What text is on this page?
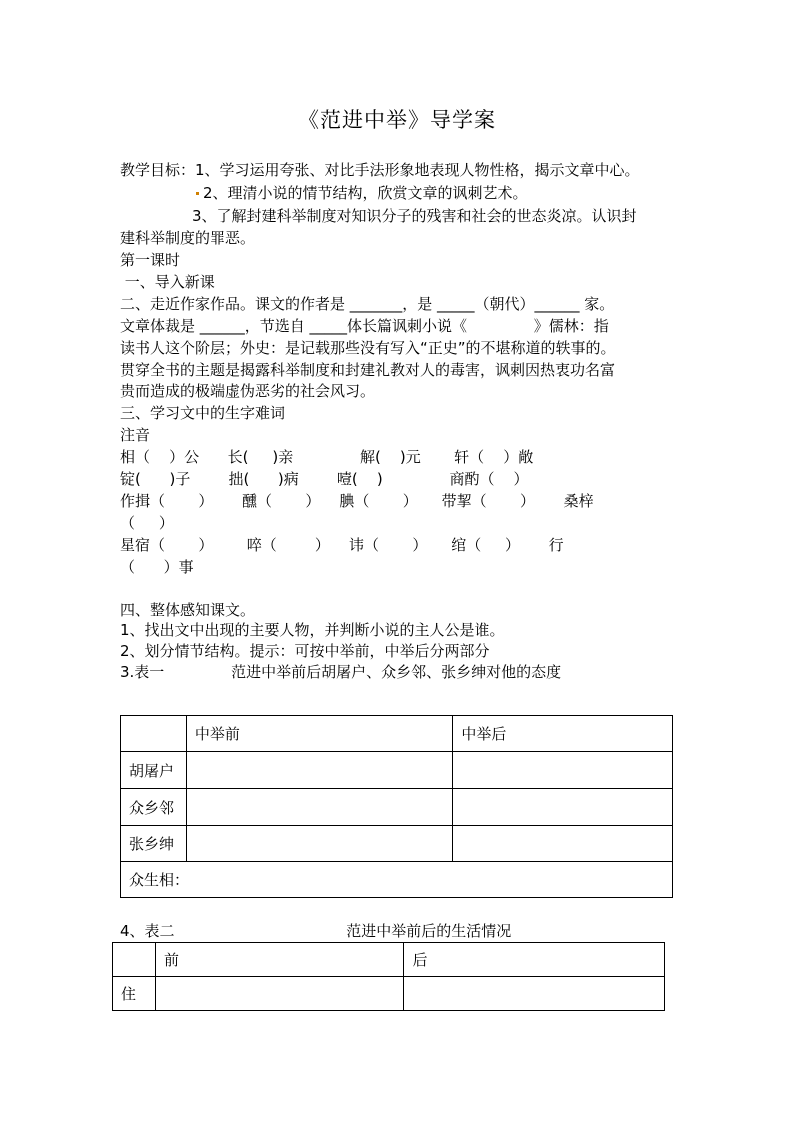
《范进中举》导学案
教学目标：1、学习运用夸张、对比手法形象地表现人物性格，揭示文章中心。
2、理清小说的情节结构，欣赏文章的讽刺艺术。
3、了解封建科举制度对知识分子的残害和社会的世态炎凉。认识封
建科举制度的罪恶。
第一课时
一、导入新课
二、走近作家作品。课文的作者是 _______，是 _____（朝代）______ 家。
文章体裁是 ______，节选自 _____体长篇讽刺小说《              》儒林：指
读书人这个阶层；外史：是记载那些没有写入“正史”的不堪称道的轶事的。
贯穿全书的主题是揭露科举制度和封建礼教对人的毒害，讽刺因热衷功名富
贵而造成的极端虚伪恶劣的社会风习。
三、学习文中的生字难词
注音
相（    ）公      长(     )亲              解(    )元       轩（    ）敞
锭(      )子        拙(      )病        噎(    )              商酌（    ）
作揖（       ）      醺（       ）    腆（       ）     带挈（       ）      桑梓
（     ）
星宿（       ）       啐（        ）    讳（       ）     绾（     ）      行
（      ）事
四、整体感知课文。
1、找出文中出现的主要人物，并判断小说的主人公是谁。
2、划分情节结构。提示：可按中举前，中举后分两部分
3.表一              范进中举前后胡屠户、众乡邻、张乡绅对他的态度
	中举前	中举后
胡屠户		
众乡邻		
张乡绅		
众生相：		
4、表二                                    范进中举前后的生活情况
	前	后
住		
